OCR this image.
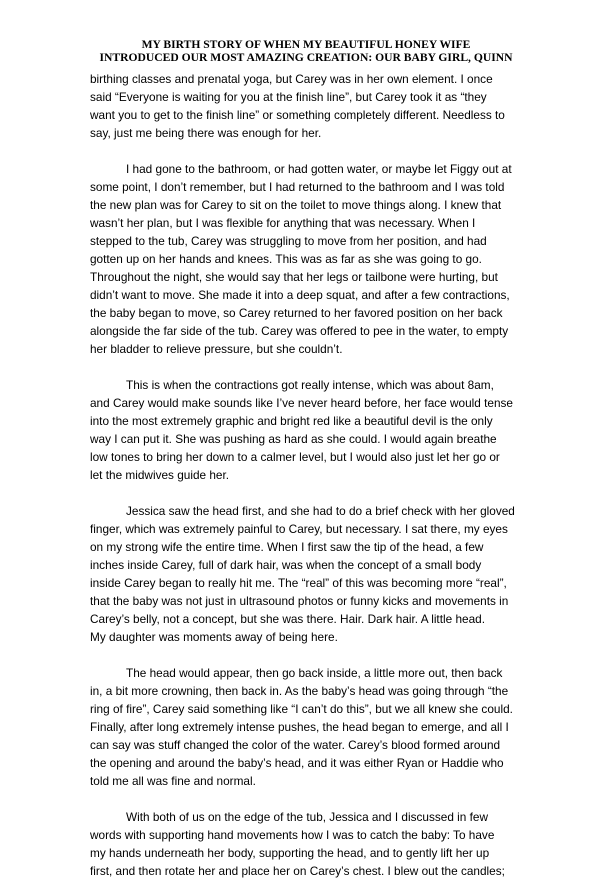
MY BIRTH STORY OF WHEN MY BEAUTIFUL HONEY WIFE
INTRODUCED OUR MOST AMAZING CREATION: OUR BABY GIRL, QUINN
birthing classes and prenatal yoga, but Carey was in her own element. I once
said “Everyone is waiting for you at the finish line”, but Carey took it as “they
want you to get to the finish line” or something completely different. Needless to
say, just me being there was enough for her.
I had gone to the bathroom, or had gotten water, or maybe let Figgy out at
some point, I don’t remember, but I had returned to the bathroom and I was told
the new plan was for Carey to sit on the toilet to move things along. I knew that
wasn’t her plan, but I was flexible for anything that was necessary. When I
stepped to the tub, Carey was struggling to move from her position, and had
gotten up on her hands and knees. This was as far as she was going to go.
Throughout the night, she would say that her legs or tailbone were hurting, but
didn’t want to move. She made it into a deep squat, and after a few contractions,
the baby began to move, so Carey returned to her favored position on her back
alongside the far side of the tub. Carey was offered to pee in the water, to empty
her bladder to relieve pressure, but she couldn’t.
This is when the contractions got really intense, which was about 8am,
and Carey would make sounds like I’ve never heard before, her face would tense
into the most extremely graphic and bright red like a beautiful devil is the only
way I can put it. She was pushing as hard as she could. I would again breathe
low tones to bring her down to a calmer level, but I would also just let her go or
let the midwives guide her.
Jessica saw the head first, and she had to do a brief check with her gloved
finger, which was extremely painful to Carey, but necessary. I sat there, my eyes
on my strong wife the entire time. When I first saw the tip of the head, a few
inches inside Carey, full of dark hair, was when the concept of a small body
inside Carey began to really hit me. The “real” of this was becoming more “real”,
that the baby was not just in ultrasound photos or funny kicks and movements in
Carey’s belly, not a concept, but she was there. Hair. Dark hair. A little head.
My daughter was moments away of being here.
The head would appear, then go back inside, a little more out, then back
in, a bit more crowning, then back in. As the baby’s head was going through “the
ring of fire”, Carey said something like “I can’t do this”, but we all knew she could.
Finally, after long extremely intense pushes, the head began to emerge, and all I
can say was stuff changed the color of the water. Carey’s blood formed around
the opening and around the baby’s head, and it was either Ryan or Haddie who
told me all was fine and normal.
With both of us on the edge of the tub, Jessica and I discussed in few
words with supporting hand movements how I was to catch the baby: To have
my hands underneath her body, supporting the head, and to gently lift her up
first, and then rotate her and place her on Carey’s chest. I blew out the candles;
